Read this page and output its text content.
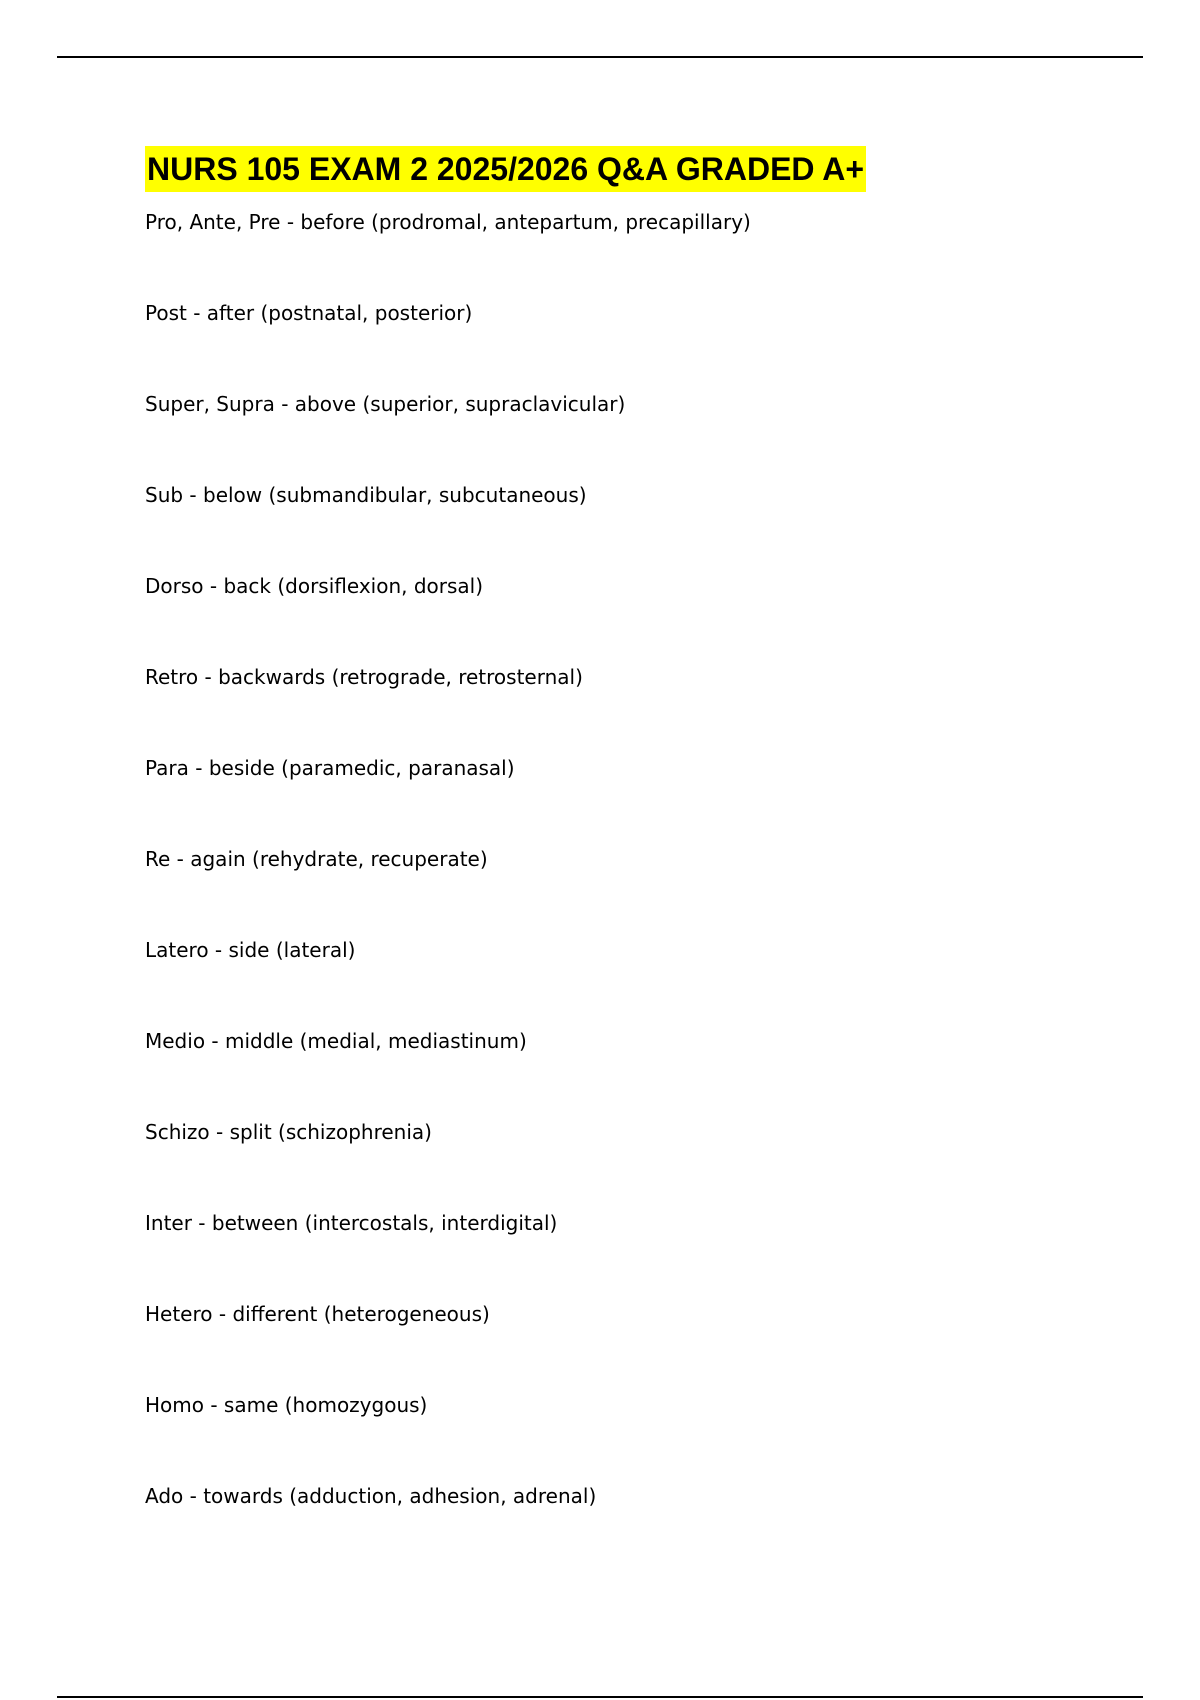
NURS 105 EXAM 2 2025/2026 Q&A GRADED A+
Pro, Ante, Pre - before (prodromal, antepartum, precapillary)
Post - after (postnatal, posterior)
Super, Supra - above (superior, supraclavicular)
Sub - below (submandibular, subcutaneous)
Dorso - back (dorsiflexion, dorsal)
Retro - backwards (retrograde, retrosternal)
Para - beside (paramedic, paranasal)
Re - again (rehydrate, recuperate)
Latero - side (lateral)
Medio - middle (medial, mediastinum)
Schizo - split (schizophrenia)
Inter - between (intercostals, interdigital)
Hetero - different (heterogeneous)
Homo - same (homozygous)
Ado - towards (adduction, adhesion, adrenal)
